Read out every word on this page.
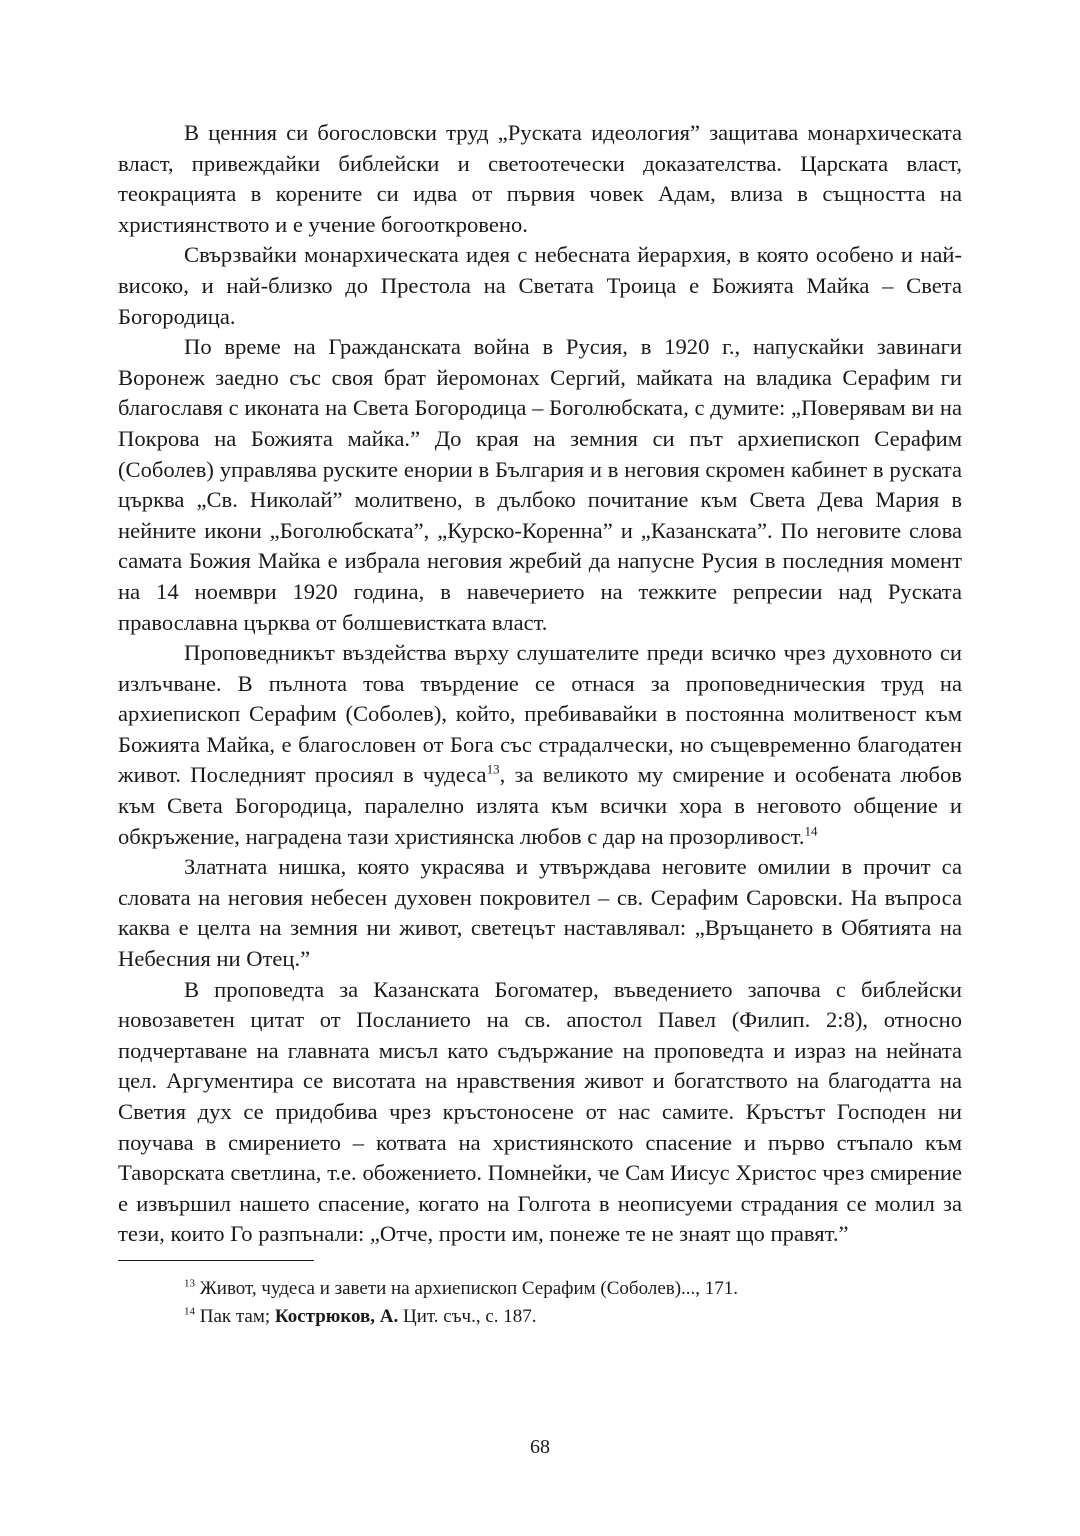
В ценния си богословски труд „Руската идеология” защитава монархическата власт, привеждайки библейски и светоотечески доказателства. Царската власт, теокрацията в корените си идва от първия човек Адам, влиза в същността на християнството и е учение богооткровено.

Свързвайки монархическата идея с небесната йерархия, в която особено и най-високо, и най-близко до Престола на Светата Троица е Божията Майка – Света Богородица.

По време на Гражданската война в Русия, в 1920 г., напускайки завинаги Воронеж заедно със своя брат йеромонах Сергий, майката на владика Серафим ги благославя с иконата на Света Богородица – Боголюбската, с думите: „Поверявам ви на Покрова на Божията майка.” До края на земния си път архиепископ Серафим (Соболев) управлява руските енории в България и в неговия скромен кабинет в руската църква „Св. Николай” молитвено, в дълбоко почитание към Света Дева Мария в нейните икони „Боголюбската”, „Курско-Коренна” и „Казанската”. По неговите слова самата Божия Майка е избрала неговия жребий да напусне Русия в последния момент на 14 ноември 1920 година, в навечерието на тежките репресии над Руската православна църква от болшевистката власт.

Проповедникът въздейства върху слушателите преди всичко чрез духовното си излъчване. В пълнота това твърдение се отнася за проповедническия труд на архиепископ Серафим (Соболев), който, пребивавайки в постоянна молитвеност към Божията Майка, е благословен от Бога със страдалчески, но същевременно благодатен живот. Последният просиял в чудеса$^{13}$, за великото му смирение и особената любов към Света Богородица, паралелно излята към всички хора в неговото общение и обкръжение, наградена тази християнска любов с дар на прозорливост.$^{14}$

Златната нишка, която украсява и утвърждава неговите омилии в прочит са словата на неговия небесен духовен покровител – св. Серафим Саровски. На въпроса каква е целта на земния ни живот, светецът наставлявал: „Връщането в Обятията на Небесния ни Отец.”

В проповедта за Казанската Богоматер, въведението започва с библейски новозаветен цитат от Посланието на св. апостол Павел (Филип. 2:8), относно подчертаване на главната мисъл като съдържание на проповедта и израз на нейната цел. Аргументира се висотата на нравствения живот и богатството на благодатта на Светия дух се придобива чрез кръстоносене от нас самите. Кръстът Господен ни поучава в смирението – котвата на християнското спасение и първо стъпало към Таворската светлина, т.е. обожението. Помнейки, че Сам Иисус Христос чрез смирение е извършил нашето спасение, когато на Голгота в неописуеми страдания се молил за тези, които Го разпънали: „Отче, прости им, понеже те не знаят що правят.”

$^{13}$ Живот, чудеса и завети на архиепископ Серафим (Соболев)..., 171.

$^{14}$ Пак там; Кострюков, А. Цит. съч., с. 187.

68
